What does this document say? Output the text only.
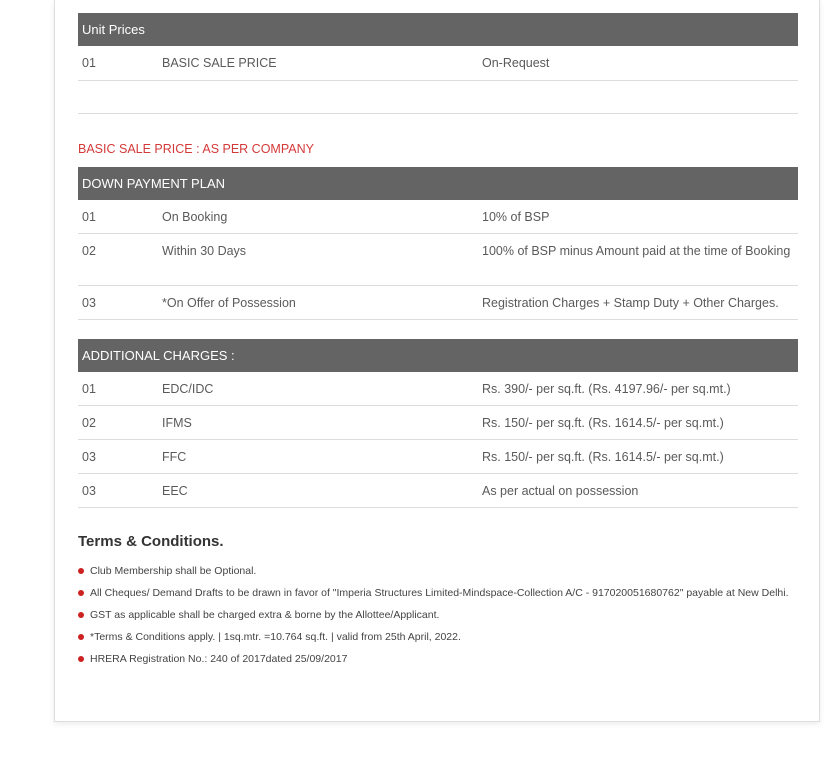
Unit Prices
01	BASIC SALE PRICE	On-Request
BASIC SALE PRICE : AS PER COMPANY
DOWN PAYMENT PLAN
01	On Booking	10% of BSP
02	Within 30 Days	100% of BSP minus Amount paid at the time of Booking
03	*On Offer of Possession	Registration Charges + Stamp Duty + Other Charges.
ADDITIONAL CHARGES :
01	EDC/IDC	Rs. 390/- per sq.ft. (Rs. 4197.96/- per sq.mt.)
02	IFMS	Rs. 150/- per sq.ft. (Rs. 1614.5/- per sq.mt.)
03	FFC	Rs. 150/- per sq.ft. (Rs. 1614.5/- per sq.mt.)
03	EEC	As per actual on possession
Terms & Conditions.
Club Membership shall be Optional.
All Cheques/ Demand Drafts to be drawn in favor of "Imperia Structures Limited-Mindspace-Collection A/C - 917020051680762" payable at New Delhi.
GST as applicable shall be charged extra & borne by the Allottee/Applicant.
*Terms & Conditions apply. | 1sq.mtr. =10.764 sq.ft. | valid from 25th April, 2022.
HRERA Registration No.: 240 of 2017dated 25/09/2017
